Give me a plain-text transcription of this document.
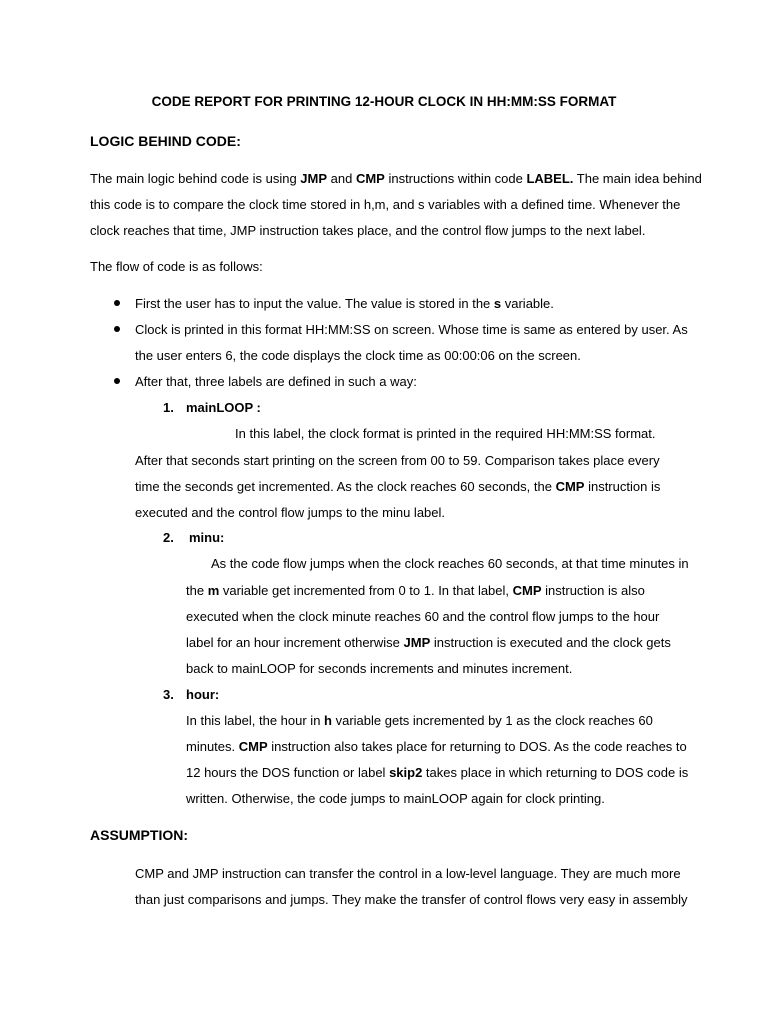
CODE REPORT FOR PRINTING 12-HOUR CLOCK IN HH:MM:SS FORMAT
LOGIC BEHIND CODE:
The main logic behind code is using JMP and CMP instructions within code LABEL. The main idea behind
this code is to compare the clock time stored in h,m, and s variables with a defined time. Whenever the
clock reaches that time, JMP instruction takes place, and the control flow jumps to the next label.
The flow of code is as follows:
First the user has to input the value. The value is stored in the s variable.
Clock is printed in this format HH:MM:SS on screen. Whose time is same as entered by user. As
the user enters 6, the code displays the clock time as 00:00:06 on the screen.
After that, three labels are defined in such a way:
1. mainLOOP :
In this label, the clock format is printed in the required HH:MM:SS format.
After that seconds start printing on the screen from 00 to 59. Comparison takes place every
time the seconds get incremented. As the clock reaches 60 seconds, the CMP instruction is
executed and the control flow jumps to the minu label.
2. minu:
As the code flow jumps when the clock reaches 60 seconds, at that time minutes in
the m variable get incremented from 0 to 1. In that label, CMP instruction is also
executed when the clock minute reaches 60 and the control flow jumps to the hour
label for an hour increment otherwise JMP instruction is executed and the clock gets
back to mainLOOP for seconds increments and minutes increment.
3. hour:
In this label, the hour in h variable gets incremented by 1 as the clock reaches 60
minutes. CMP instruction also takes place for returning to DOS. As the code reaches to
12 hours the DOS function or label skip2 takes place in which returning to DOS code is
written. Otherwise, the code jumps to mainLOOP again for clock printing.
ASSUMPTION:
CMP and JMP instruction can transfer the control in a low-level language. They are much more
than just comparisons and jumps. They make the transfer of control flows very easy in assembly
